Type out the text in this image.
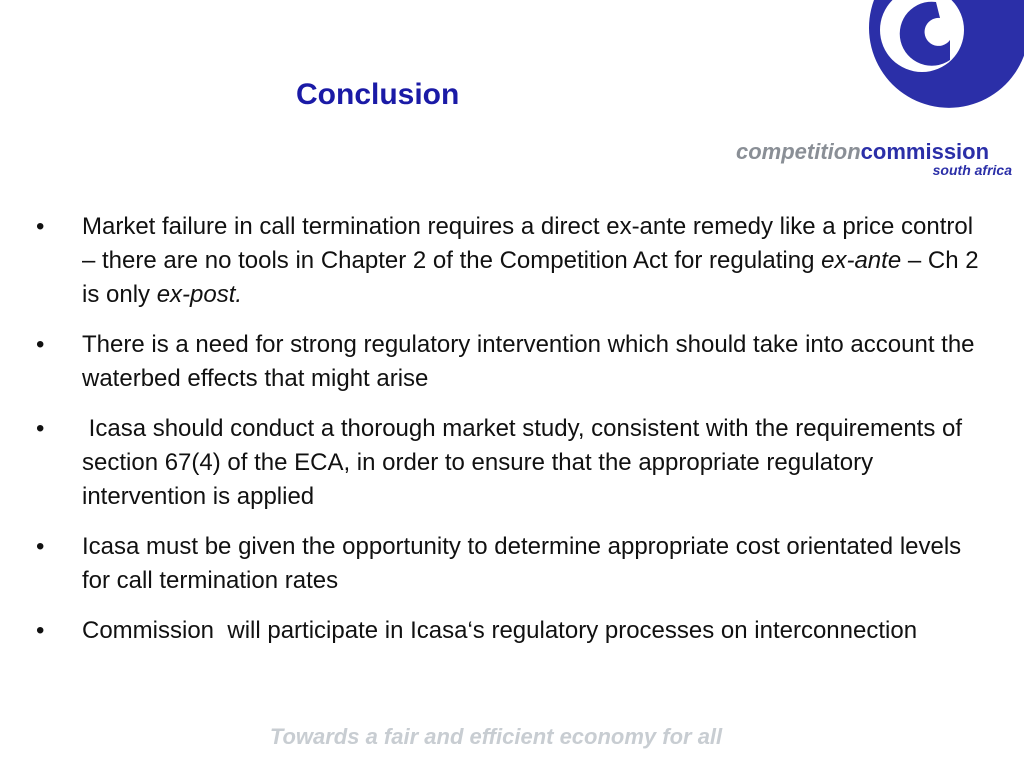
Conclusion
competitioncommission
south africa
•	Market failure in call termination requires a direct ex-ante remedy like a price control – there are no tools in Chapter 2 of the Competition Act for regulating ex-ante – Ch 2 is only ex-post.
•	There is a need for strong regulatory intervention which should take into account the waterbed effects that might arise
•	Icasa should conduct a thorough market study, consistent with the requirements of section 67(4) of the ECA, in order to ensure that the appropriate regulatory intervention is applied
•	Icasa must be given the opportunity to determine appropriate cost orientated levels for call termination rates
•	Commission  will participate in Icasa‘s regulatory processes on interconnection
Towards a fair and efficient economy for all
